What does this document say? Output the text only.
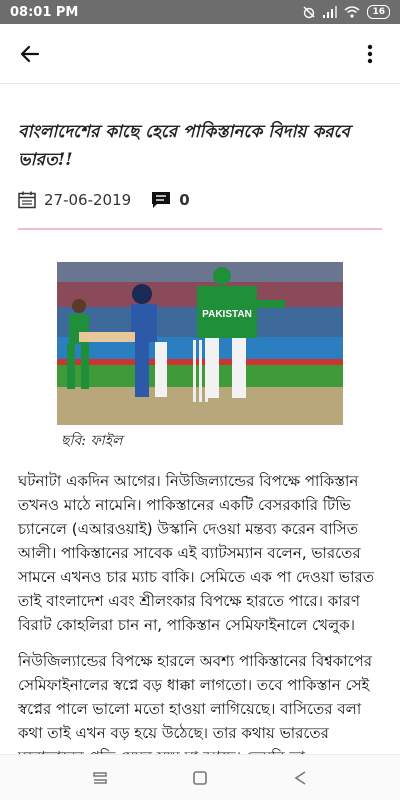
08:01 PM	16
বাংলাদেশের কাছে হেরে পাকিস্তানকে বিদায় করবে ভারত!!
27-06-2019	0
PAKISTAN
ছবি: ফাইল

ঘটনাটা একদিন আগের। নিউজিল্যান্ডের বিপক্ষে পাকিস্তান তখনও মাঠে নামেনি। পাকিস্তানের একটি বেসরকারি টিভি চ্যানেলে (এআরওয়াই) উস্কানি দেওয়া মন্তব্য করেন বাসিত আলী। পাকিস্তানের সাবেক এই ব্যাটসম্যান বলেন, ভারতের সামনে এখনও চার ম্যাচ বাকি। সেমিতে এক পা দেওয়া ভারত তাই বাংলাদেশ এবং শ্রীলংকার বিপক্ষে হারতে পারে। কারণ বিরাট কোহলিরা চান না, পাকিস্তান সেমিফাইনালে খেলুক।

নিউজিল্যান্ডের বিপক্ষে হারলে অবশ্য পাকিস্তানের বিশ্বকাপের সেমিফাইনালের স্বপ্নে বড় ধাক্কা লাগতো। তবে পাকিস্তান সেই স্বপ্নের পালে ভালো মতো হাওয়া লাগিয়েছে। বাসিতের বলা কথা তাই এখন বড় হয়ে উঠেছে। তার কথায় ভারতের
